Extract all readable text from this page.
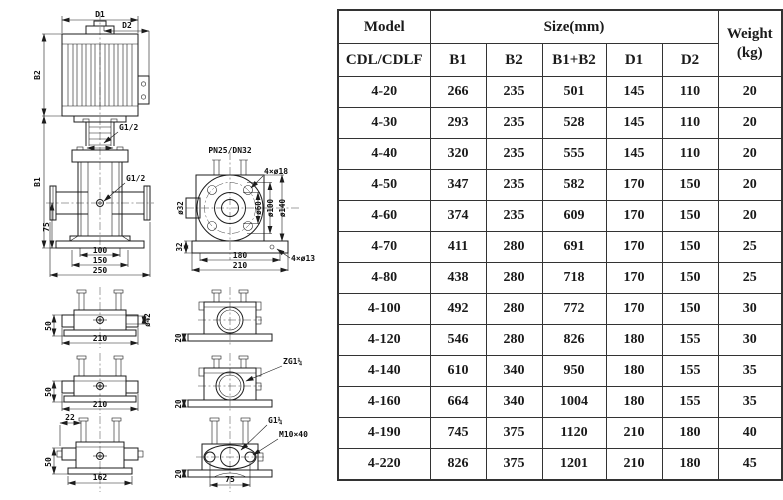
D1
D2
B2
B1
G1/2
G1/2
75
100
150
250
50	ø42
210
50
210
22
50
162
PN25/DN32
4×ø18
ø32	ø60 ø100 ø140
4×ø13
32
180
210
20
ZG1¼
20
G1¼
M10×40
20
75
Model	Size(mm)					Weight
(kg)

CDL/CDLF	B1	B2	B1+B2	D1	D2	
4-20	266	235	501	145	110	20
4-30	293	235	528	145	110	20
4-40	320	235	555	145	110	20
4-50	347	235	582	170	150	20
4-60	374	235	609	170	150	20
4-70	411	280	691	170	150	25
4-80	438	280	718	170	150	25
4-100	492	280	772	170	150	30
4-120	546	280	826	180	155	30
4-140	610	340	950	180	155	35
4-160	664	340	1004	180	155	35
4-190	745	375	1120	210	180	40
4-220	826	375	1201	210	180	45
